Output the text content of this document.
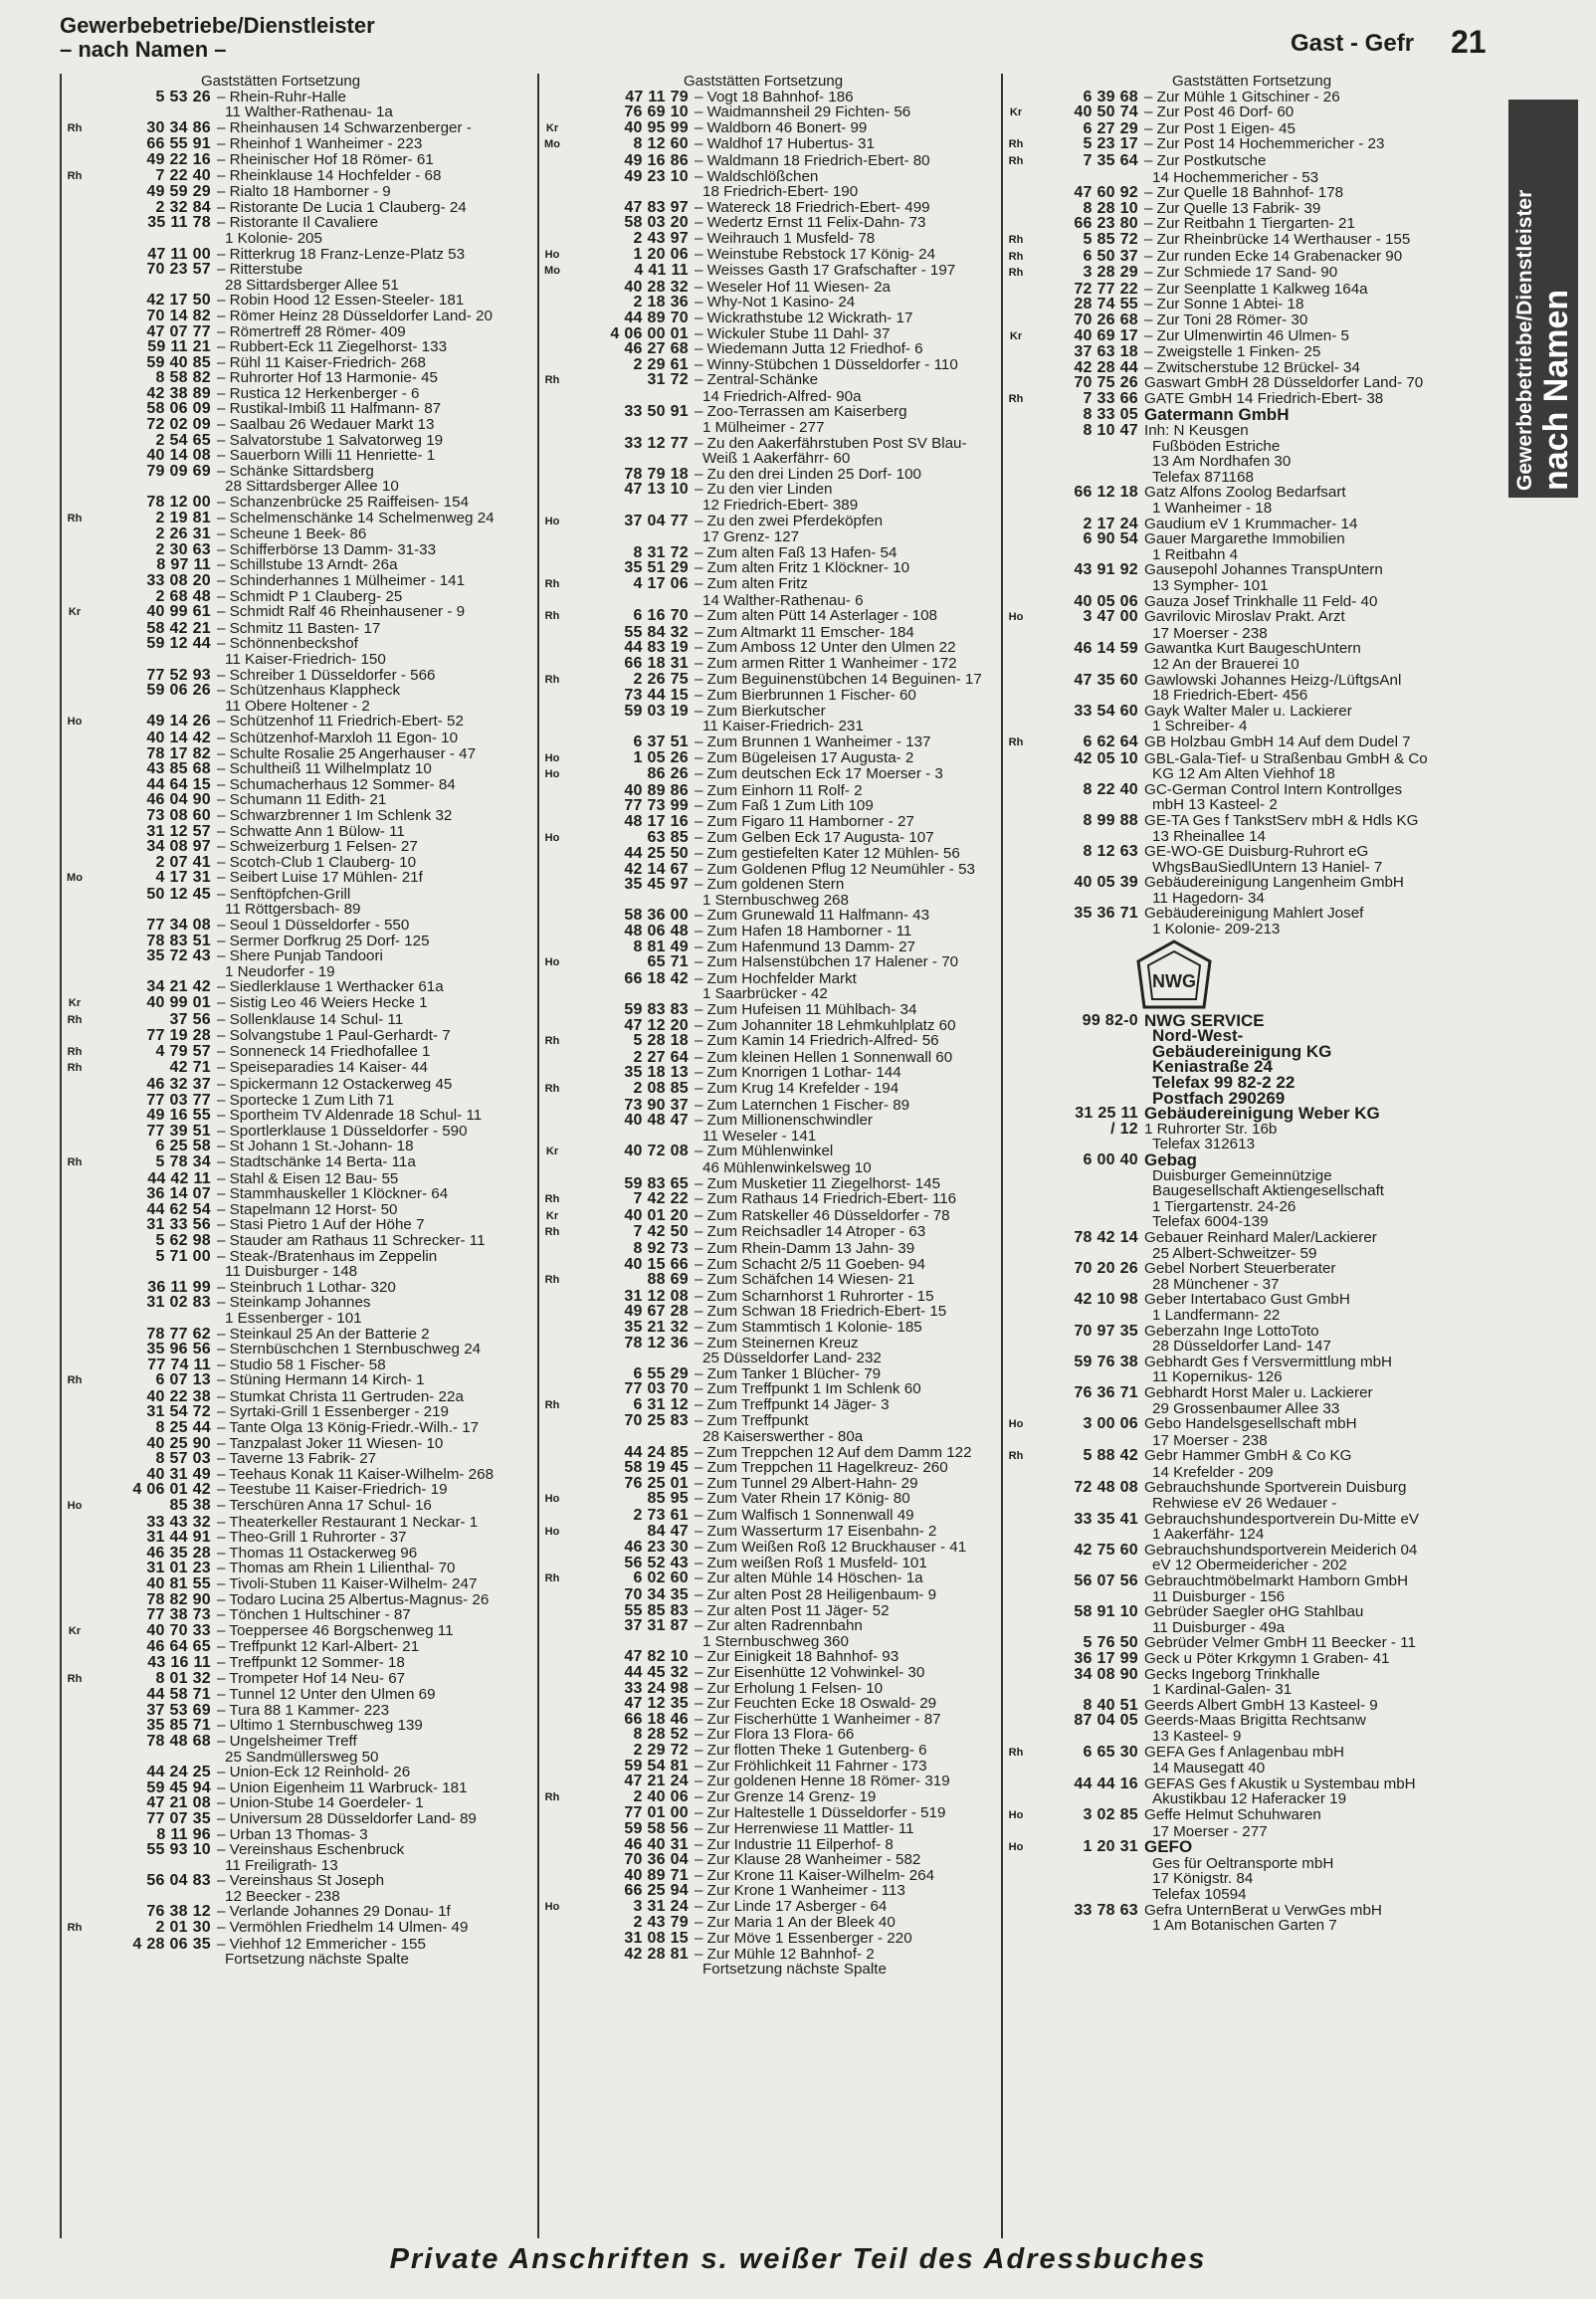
Gewerbebetriebe/Dienstleister
– nach Namen –	Gast - Gefr 21
Gewerbebetriebe/Dienstleister nach Namen
Gaststätten Fortsetzung
5 53 26 – Rhein-Ruhr-Halle
11 Walther-Rathenau- 1a
Rh	30 34 86 – Rheinhausen 14 Schwarzenberger -
66 55 91 – Rheinhof 1 Wanheimer - 223
49 22 16 – Rheinischer Hof 18 Römer- 61
Rh	7 22 40 – Rheinklause 14 Hochfelder - 68
49 59 29 – Rialto 18 Hamborner - 9
2 32 84 – Ristorante De Lucia 1 Clauberg- 24
35 11 78 – Ristorante Il Cavaliere
1 Kolonie- 205
47 11 00 – Ritterkrug 18 Franz-Lenze-Platz 53
70 23 57 – Ritterstube
28 Sittardsberger Allee 51
42 17 50 – Robin Hood 12 Essen-Steeler- 181
70 14 82 – Römer Heinz 28 Düsseldorfer Land- 20
47 07 77 – Römertreff 28 Römer- 409
59 11 21 – Rubbert-Eck 11 Ziegelhorst- 133
59 40 85 – Rühl 11 Kaiser-Friedrich- 268
8 58 82 – Ruhrorter Hof 13 Harmonie- 45
42 38 89 – Rustica 12 Herkenberger - 6
58 06 09 – Rustikal-Imbiß 11 Halfmann- 87
72 02 09 – Saalbau 26 Wedauer Markt 13
2 54 65 – Salvatorstube 1 Salvatorweg 19
40 14 08 – Sauerborn Willi 11 Henriette- 1
79 09 69 – Schänke Sittardsberg
28 Sittardsberger Allee 10
78 12 00 – Schanzenbrücke 25 Raiffeisen- 154
Rh	2 19 81 – Schelmenschänke 14 Schelmenweg 24
2 26 31 – Scheune 1 Beek- 86
2 30 63 – Schifferbörse 13 Damm- 31-33
8 97 11 – Schillstube 13 Arndt- 26a
33 08 20 – Schinderhannes 1 Mülheimer - 141
2 68 48 – Schmidt P 1 Clauberg- 25
Kr	40 99 61 – Schmidt Ralf 46 Rheinhausener - 9
58 42 21 – Schmitz 11 Basten- 17
59 12 44 – Schönnenbeckshof
11 Kaiser-Friedrich- 150
77 52 93 – Schreiber 1 Düsseldorfer - 566
59 06 26 – Schützenhaus Klappheck
11 Obere Holtener - 2
Ho	49 14 26 – Schützenhof 11 Friedrich-Ebert- 52
40 14 42 – Schützenhof-Marxloh 11 Egon- 10
78 17 82 – Schulte Rosalie 25 Angerhauser - 47
43 85 68 – Schultheiß 11 Wilhelmplatz 10
44 64 15 – Schumacherhaus 12 Sommer- 84
46 04 90 – Schumann 11 Edith- 21
73 08 60 – Schwarzbrenner 1 Im Schlenk 32
31 12 57 – Schwatte Ann 1 Bülow- 11
34 08 97 – Schweizerburg 1 Felsen- 27
2 07 41 – Scotch-Club 1 Clauberg- 10
Mo	4 17 31 – Seibert Luise 17 Mühlen- 21f
50 12 45 – Senftöpfchen-Grill
11 Röttgersbach- 89
77 34 08 – Seoul 1 Düsseldorfer - 550
78 83 51 – Sermer Dorfkrug 25 Dorf- 125
35 72 43 – Shere Punjab Tandoori
1 Neudorfer - 19
34 21 42 – Siedlerklause 1 Werthacker 61a
Kr	40 99 01 – Sistig Leo 46 Weiers Hecke 1
Rh	37 56 – Sollenklause 14 Schul- 11
77 19 28 – Solvangstube 1 Paul-Gerhardt- 7
Rh	4 79 57 – Sonneneck 14 Friedhofallee 1
Rh	42 71 – Speiseparadies 14 Kaiser- 44
46 32 37 – Spickermann 12 Ostackerweg 45
77 03 77 – Sportecke 1 Zum Lith 71
49 16 55 – Sportheim TV Aldenrade 18 Schul- 11
77 39 51 – Sportlerklause 1 Düsseldorfer - 590
6 25 58 – St Johann 1 St.-Johann- 18
Rh	5 78 34 – Stadtschänke 14 Berta- 11a
44 42 11 – Stahl & Eisen 12 Bau- 55
36 14 07 – Stammhauskeller 1 Klöckner- 64
44 62 54 – Stapelmann 12 Horst- 50
31 33 56 – Stasi Pietro 1 Auf der Höhe 7
5 62 98 – Stauder am Rathaus 11 Schrecker- 11
5 71 00 – Steak-/Bratenhaus im Zeppelin
11 Duisburger - 148
36 11 99 – Steinbruch 1 Lothar- 320
31 02 83 – Steinkamp Johannes
1 Essenberger - 101
78 77 62 – Steinkaul 25 An der Batterie 2
35 96 56 – Sternbüschchen 1 Sternbuschweg 24
77 74 11 – Studio 58 1 Fischer- 58
Rh	6 07 13 – Stüning Hermann 14 Kirch- 1
40 22 38 – Stumkat Christa 11 Gertruden- 22a
31 54 72 – Syrtaki-Grill 1 Essenberger - 219
8 25 44 – Tante Olga 13 König-Friedr.-Wilh.- 17
40 25 90 – Tanzpalast Joker 11 Wiesen- 10
8 57 03 – Taverne 13 Fabrik- 27
40 31 49 – Teehaus Konak 11 Kaiser-Wilhelm- 268
4 06 01 42 – Teestube 11 Kaiser-Friedrich- 19
Ho	85 38 – Terschüren Anna 17 Schul- 16
33 43 32 – Theaterkeller Restaurant 1 Neckar- 1
31 44 91 – Theo-Grill 1 Ruhrorter - 37
46 35 28 – Thomas 11 Ostackerweg 96
31 01 23 – Thomas am Rhein 1 Lilienthal- 70
40 81 55 – Tivoli-Stuben 11 Kaiser-Wilhelm- 247
78 82 90 – Todaro Lucina 25 Albertus-Magnus- 26
77 38 73 – Tönchen 1 Hultschiner - 87
Kr	40 70 33 – Toeppersee 46 Borgschenweg 11
46 64 65 – Treffpunkt 12 Karl-Albert- 21
43 16 11 – Treffpunkt 12 Sommer- 18
Rh	8 01 32 – Trompeter Hof 14 Neu- 67
44 58 71 – Tunnel 12 Unter den Ulmen 69
37 53 69 – Tura 88 1 Kammer- 223
35 85 71 – Ultimo 1 Sternbuschweg 139
78 48 68 – Ungelsheimer Treff
25 Sandmüllersweg 50
44 24 25 – Union-Eck 12 Reinhold- 26
59 45 94 – Union Eigenheim 11 Warbruck- 181
47 21 08 – Union-Stube 14 Goerdeler- 1
77 07 35 – Universum 28 Düsseldorfer Land- 89
8 11 96 – Urban 13 Thomas- 3
55 93 10 – Vereinshaus Eschenbruck
11 Freiligrath- 13
56 04 83 – Vereinshaus St Joseph
12 Beecker - 238
76 38 12 – Verlande Johannes 29 Donau- 1f
Rh	2 01 30 – Vermöhlen Friedhelm 14 Ulmen- 49
4 28 06 35 – Viehhof 12 Emmericher - 155
Fortsetzung nächste Spalte
Gaststätten Fortsetzung
47 11 79 – Vogt 18 Bahnhof- 186
76 69 10 – Waidmannsheil 29 Fichten- 56
Kr	40 95 99 – Waldborn 46 Bonert- 99
Mo	8 12 60 – Waldhof 17 Hubertus- 31
49 16 86 – Waldmann 18 Friedrich-Ebert- 80
49 23 10 – Waldschlößchen
18 Friedrich-Ebert- 190
47 83 97 – Watereck 18 Friedrich-Ebert- 499
58 03 20 – Wedertz Ernst 11 Felix-Dahn- 73
2 43 97 – Weihrauch 1 Musfeld- 78
Ho	1 20 06 – Weinstube Rebstock 17 König- 24
Mo	4 41 11 – Weisses Gasth 17 Grafschafter - 197
40 28 32 – Weseler Hof 11 Wiesen- 2a
2 18 36 – Why-Not 1 Kasino- 24
44 89 70 – Wickrathstube 12 Wickrath- 17
4 06 00 01 – Wickuler Stube 11 Dahl- 37
46 27 68 – Wiedemann Jutta 12 Friedhof- 6
2 29 61 – Winny-Stübchen 1 Düsseldorfer - 110
Rh	31 72 – Zentral-Schänke
14 Friedrich-Alfred- 90a
33 50 91 – Zoo-Terrassen am Kaiserberg
1 Mülheimer - 277
33 12 77 – Zu den Aakerfährstuben Post SV Blau-
Weiß 1 Aakerfährr- 60
78 79 18 – Zu den drei Linden 25 Dorf- 100
47 13 10 – Zu den vier Linden
12 Friedrich-Ebert- 389
Ho	37 04 77 – Zu den zwei Pferdeköpfen
17 Grenz- 127
8 31 72 – Zum alten Faß 13 Hafen- 54
35 51 29 – Zum alten Fritz 1 Klöckner- 10
Rh	4 17 06 – Zum alten Fritz
14 Walther-Rathenau- 6
Rh	6 16 70 – Zum alten Pütt 14 Asterlager - 108
55 84 32 – Zum Altmarkt 11 Emscher- 184
44 83 19 – Zum Amboss 12 Unter den Ulmen 22
66 18 31 – Zum armen Ritter 1 Wanheimer - 172
Rh	2 26 75 – Zum Beguinenstübchen 14 Beguinen- 17
73 44 15 – Zum Bierbrunnen 1 Fischer- 60
59 03 19 – Zum Bierkutscher
11 Kaiser-Friedrich- 231
6 37 51 – Zum Brunnen 1 Wanheimer - 137
Ho	1 05 26 – Zum Bügeleisen 17 Augusta- 2
Ho	86 26 – Zum deutschen Eck 17 Moerser - 3
40 89 86 – Zum Einhorn 11 Rolf- 2
77 73 99 – Zum Faß 1 Zum Lith 109
48 17 16 – Zum Figaro 11 Hamborner - 27
Ho	63 85 – Zum Gelben Eck 17 Augusta- 107
44 25 50 – Zum gestiefelten Kater 12 Mühlen- 56
42 14 67 – Zum Goldenen Pflug 12 Neumühler - 53
35 45 97 – Zum goldenen Stern
1 Sternbuschweg 268
58 36 00 – Zum Grunewald 11 Halfmann- 43
48 06 48 – Zum Hafen 18 Hamborner - 11
8 81 49 – Zum Hafenmund 13 Damm- 27
Ho	65 71 – Zum Halsenstübchen 17 Halener - 70
66 18 42 – Zum Hochfelder Markt
1 Saarbrücker - 42
59 83 83 – Zum Hufeisen 11 Mühlbach- 34
47 12 20 – Zum Johanniter 18 Lehmkuhlplatz 60
Rh	5 28 18 – Zum Kamin 14 Friedrich-Alfred- 56
2 27 64 – Zum kleinen Hellen 1 Sonnenwall 60
35 18 13 – Zum Knorrigen 1 Lothar- 144
Rh	2 08 85 – Zum Krug 14 Krefelder - 194
73 90 37 – Zum Laternchen 1 Fischer- 89
40 48 47 – Zum Millionenschwindler
11 Weseler - 141
Kr	40 72 08 – Zum Mühlenwinkel
46 Mühlenwinkelsweg 10
59 83 65 – Zum Musketier 11 Ziegelhorst- 145
Rh	7 42 22 – Zum Rathaus 14 Friedrich-Ebert- 116
Kr	40 01 20 – Zum Ratskeller 46 Düsseldorfer - 78
Rh	7 42 50 – Zum Reichsadler 14 Atroper - 63
8 92 73 – Zum Rhein-Damm 13 Jahn- 39
40 15 66 – Zum Schacht 2/5 11 Goeben- 94
Rh	88 69 – Zum Schäfchen 14 Wiesen- 21
31 12 08 – Zum Scharnhorst 1 Ruhrorter - 15
49 67 28 – Zum Schwan 18 Friedrich-Ebert- 15
35 21 32 – Zum Stammtisch 1 Kolonie- 185
78 12 36 – Zum Steinernen Kreuz
25 Düsseldorfer Land- 232
6 55 29 – Zum Tanker 1 Blücher- 79
77 03 70 – Zum Treffpunkt 1 Im Schlenk 60
Rh	6 31 12 – Zum Treffpunkt 14 Jäger- 3
70 25 83 – Zum Treffpunkt
28 Kaiserswerther - 80a
44 24 85 – Zum Treppchen 12 Auf dem Damm 122
58 19 45 – Zum Treppchen 11 Hagelkreuz- 260
76 25 01 – Zum Tunnel 29 Albert-Hahn- 29
Ho	85 95 – Zum Vater Rhein 17 König- 80
2 73 61 – Zum Walfisch 1 Sonnenwall 49
Ho	84 47 – Zum Wasserturm 17 Eisenbahn- 2
46 23 30 – Zum Weißen Roß 12 Bruckhauser - 41
56 52 43 – Zum weißen Roß 1 Musfeld- 101
Rh	6 02 60 – Zur alten Mühle 14 Höschen- 1a
70 34 35 – Zur alten Post 28 Heiligenbaum- 9
55 85 83 – Zur alten Post 11 Jäger- 52
37 31 87 – Zur alten Radrennbahn
1 Sternbuschweg 360
47 82 10 – Zur Einigkeit 18 Bahnhof- 93
44 45 32 – Zur Eisenhütte 12 Vohwinkel- 30
33 24 98 – Zur Erholung 1 Felsen- 10
47 12 35 – Zur Feuchten Ecke 18 Oswald- 29
66 18 46 – Zur Fischerhütte 1 Wanheimer - 87
8 28 52 – Zur Flora 13 Flora- 66
2 29 72 – Zur flotten Theke 1 Gutenberg- 6
59 54 81 – Zur Fröhlichkeit 11 Fahrner - 173
47 21 24 – Zur goldenen Henne 18 Römer- 319
Rh	2 40 06 – Zur Grenze 14 Grenz- 19
77 01 00 – Zur Haltestelle 1 Düsseldorfer - 519
59 58 56 – Zur Herrenwiese 11 Mattler- 11
46 40 31 – Zur Industrie 11 Eilperhof- 8
70 36 04 – Zur Klause 28 Wanheimer - 582
40 89 71 – Zur Krone 11 Kaiser-Wilhelm- 264
66 25 94 – Zur Krone 1 Wanheimer - 113
Ho	3 31 24 – Zur Linde 17 Asberger - 64
2 43 79 – Zur Maria 1 An der Bleek 40
31 08 15 – Zur Möve 1 Essenberger - 220
42 28 81 – Zur Mühle 12 Bahnhof- 2
Fortsetzung nächste Spalte
Gaststätten Fortsetzung
6 39 68 – Zur Mühle 1 Gitschiner - 26
Kr	40 50 74 – Zur Post 46 Dorf- 60
6 27 29 – Zur Post 1 Eigen- 45
Rh	5 23 17 – Zur Post 14 Hochemmericher - 23
Rh	7 35 64 – Zur Postkutsche
14 Hochemmericher - 53
47 60 92 – Zur Quelle 18 Bahnhof- 178
8 28 10 – Zur Quelle 13 Fabrik- 39
66 23 80 – Zur Reitbahn 1 Tiergarten- 21
Rh	5 85 72 – Zur Rheinbrücke 14 Werthauser - 155
Rh	6 50 37 – Zur runden Ecke 14 Grabenacker 90
Rh	3 28 29 – Zur Schmiede 17 Sand- 90
72 77 22 – Zur Seenplatte 1 Kalkweg 164a
28 74 55 – Zur Sonne 1 Abtei- 18
70 26 68 – Zur Toni 28 Römer- 30
Kr	40 69 17 – Zur Ulmenwirtin 46 Ulmen- 5
37 63 18 – Zweigstelle 1 Finken- 25
42 28 44 – Zwitscherstube 12 Brückel- 34
70 75 26 Gaswart GmbH 28 Düsseldorfer Land- 70
Rh	7 33 66 GATE GmbH 14 Friedrich-Ebert- 38
8 33 05 Gatermann GmbH
8 10 47 Inh: N Keusgen
Fußböden Estriche
13 Am Nordhafen 30
Telefax 871168
66 12 18 Gatz Alfons Zoolog Bedarfsart
1 Wanheimer - 18
2 17 24 Gaudium eV 1 Krummacher- 14
6 90 54 Gauer Margarethe Immobilien
1 Reitbahn 4
43 91 92 Gausepohl Johannes TranspUntern
13 Sympher- 101
40 05 06 Gauza Josef Trinkhalle 11 Feld- 40
Ho	3 47 00 Gavrilovic Miroslav Prakt. Arzt
17 Moerser - 238
46 14 59 Gawantka Kurt BaugeschUntern
12 An der Brauerei 10
47 35 60 Gawlowski Johannes Heizg-/LüftgsAnl
18 Friedrich-Ebert- 456
33 54 60 Gayk Walter Maler u. Lackierer
1 Schreiber- 4
Rh	6 62 64 GB Holzbau GmbH 14 Auf dem Dudel 7
42 05 10 GBL-Gala-Tief- u Straßenbau GmbH & Co
KG 12 Am Alten Viehhof 18
8 22 40 GC-German Control Intern Kontrollges
mbH 13 Kasteel- 2
8 99 88 GE-TA Ges f TankstServ mbH & Hdls KG
13 Rheinallee 14
8 12 63 GE-WO-GE Duisburg-Ruhrort eG
WhgsBauSiedlUntern 13 Haniel- 7
40 05 39 Gebäudereinigung Langenheim GmbH
11 Hagedorn- 34
35 36 71 Gebäudereinigung Mahlert Josef
1 Kolonie- 209-213
NWG
99 82-0 NWG SERVICE
Nord-West-
Gebäudereinigung KG
Keniastraße 24
Telefax 99 82-2 22
Postfach 290269
31 25 11 Gebäudereinigung Weber KG
/ 12 1 Ruhrorter Str. 16b
Telefax 312613
6 00 40 Gebag
Duisburger Gemeinnützige
Baugesellschaft Aktiengesellschaft
1 Tiergartenstr. 24-26
Telefax 6004-139
78 42 14 Gebauer Reinhard Maler/Lackierer
25 Albert-Schweitzer- 59
70 20 26 Gebel Norbert Steuerberater
28 Münchener - 37
42 10 98 Geber Intertabaco Gust GmbH
1 Landfermann- 22
70 97 35 Geberzahn Inge LottoToto
28 Düsseldorfer Land- 147
59 76 38 Gebhardt Ges f Versvermittlung mbH
11 Kopernikus- 126
76 36 71 Gebhardt Horst Maler u. Lackierer
29 Grossenbaumer Allee 33
Ho	3 00 06 Gebo Handelsgesellschaft mbH
17 Moerser - 238
Rh	5 88 42 Gebr Hammer GmbH & Co KG
14 Krefelder - 209
72 48 08 Gebrauchshunde Sportverein Duisburg
Rehwiese eV 26 Wedauer -
33 35 41 Gebrauchshundesportverein Du-Mitte eV
1 Aakerfähr- 124
42 75 60 Gebrauchshundsportverein Meiderich 04
eV 12 Obermeidericher - 202
56 07 56 Gebrauchtmöbelmarkt Hamborn GmbH
11 Duisburger - 156
58 91 10 Gebrüder Saegler oHG Stahlbau
11 Duisburger - 49a
5 76 50 Gebrüder Velmer GmbH 11 Beecker - 11
36 17 99 Geck u Pöter Krkgymn 1 Graben- 41
34 08 90 Gecks Ingeborg Trinkhalle
1 Kardinal-Galen- 31
8 40 51 Geerds Albert GmbH 13 Kasteel- 9
87 04 05 Geerds-Maas Brigitta Rechtsanw
13 Kasteel- 9
Rh	6 65 30 GEFA Ges f Anlagenbau mbH
14 Mausegatt 40
44 44 16 GEFAS Ges f Akustik u Systembau mbH
Akustikbau 12 Haferacker 19
Ho	3 02 85 Geffe Helmut Schuhwaren
17 Moerser - 277
Ho	1 20 31 GEFO
Ges für Oeltransporte mbH
17 Königstr. 84
Telefax 10594
33 78 63 Gefra UnternBerat u VerwGes mbH
1 Am Botanischen Garten 7
Private Anschriften s. weißer Teil des Adressbuches
